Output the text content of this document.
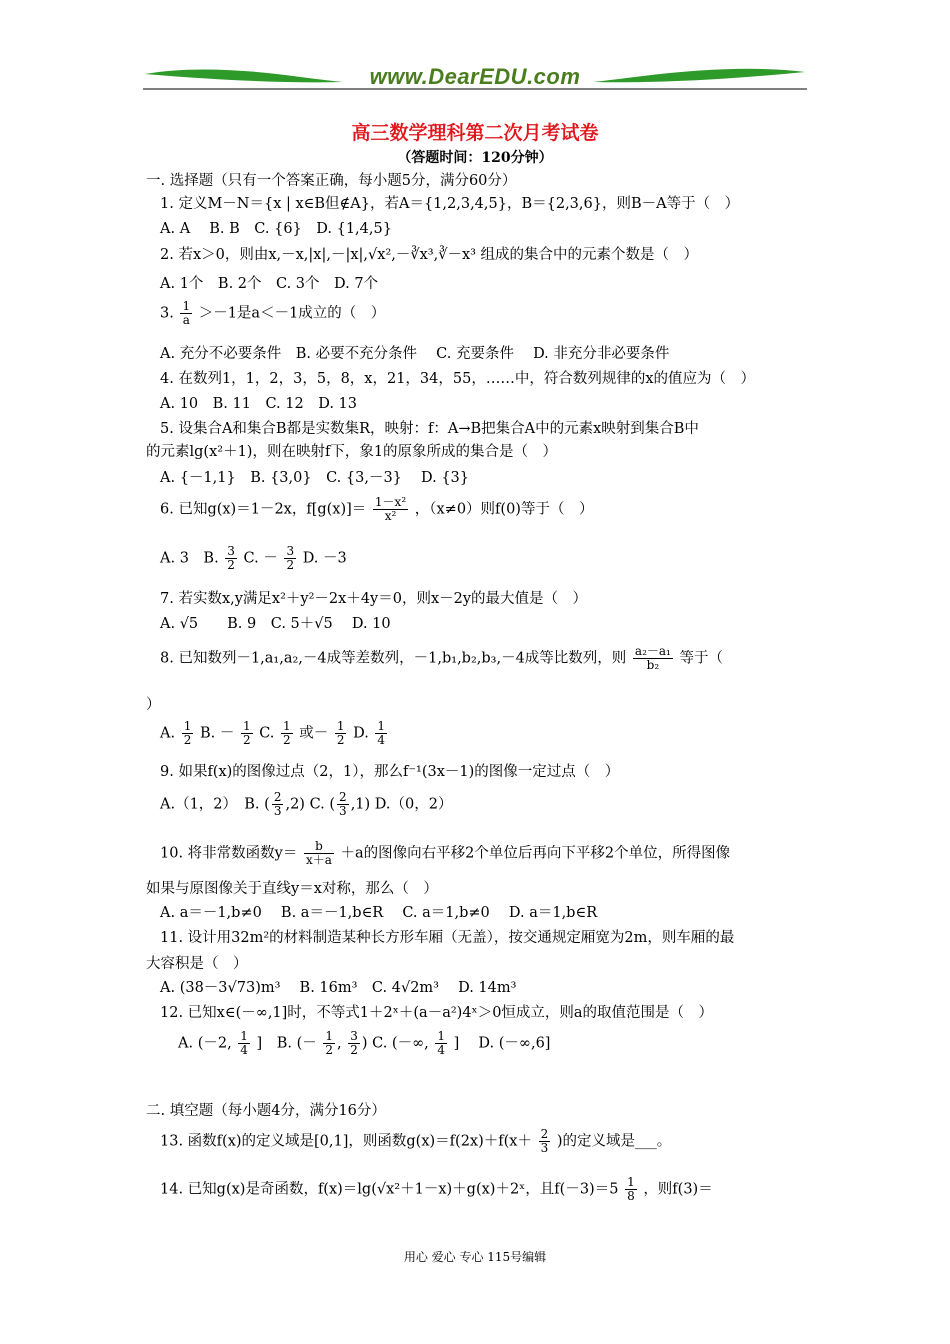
www.DearEDU.com
高三数学理科第二次月考试卷
（答题时间：120分钟）
一. 选择题（只有一个答案正确，每小题5分，满分60分）
1. 定义M－N＝{x | x∈B但∉A}，若A＝{1,2,3,4,5}，B＝{2,3,6}，则B－A等于（　）
A. A　 B. B　C. {6}　D. {1,4,5}
2. 若x＞0，则由x,－x,|x|,－|x|,√x²,－∛x³,∛－x³ 组成的集合中的元素个数是（　）
A. 1个　B. 2个　C. 3个　D. 7个
3. $\frac{1}{a} >-1$是a＜－1成立的（　）
A. 充分不必要条件　B. 必要不充分条件　 C. 充要条件　 D. 非充分非必要条件
4. 在数列1，1，2，3，5，8，x，21，34，55，……中，符合数列规律的x的值应为（　）
A. 10　B. 11　C. 12　D. 13
5. 设集合A和集合B都是实数集R，映射：f：A→B把集合A中的元素x映射到集合B中
的元素lg(x²＋1)，则在映射f下，象1的原象所成的集合是（　）
A. {－1,1}　B. {3,0}　C. {3,－3}　 D. {3}
6. 已知g(x)＝1－2x，$f[g(x)]= \frac{\text{1－x²}}{\text{x²}}$ ，（x≠0）则f(0)等于（　）
A. 3　B. $\frac{3}{2} C$. － $\frac{3}{2} D$. －3
7. 若实数x,y满足x²＋y²－2x＋4y＝0，则x－2y的最大值是（　）
A. √5　　B. 9　C. 5＋√5　 D. 10
8. 已知数列－1,a₁,a₂,－4成等差数列，－1,b₁,b₂,b₃,－4成等比数列，则 $\frac{\text{a₂－a₁}}{\text{b₂}}$ 等于（
）
A. $\frac{1}{2} B$. － $\frac{1}{2} C$. $\frac{1}{2}$ 或－ $\frac{1}{2} D$. $\frac{1}{4}$
9. 如果f(x)的图像过点（2，1），那么f⁻¹(3x－1)的图像一定过点（　）
A.（1，2）　B. ( $\frac{2}{3} ,2$) C. ( $\frac{2}{3} ,1$) D.（0，2）
10. 将非常数函数$y= \frac{b}{x+a} +a$的图像向右平移2个单位后再向下平移2个单位，所得图像
如果与原图像关于直线y＝x对称，那么（　）
A. a＝－1,b≠0　 B. a＝－1,b∈R　 C. a＝1,b≠0　 D. a＝1,b∈R
11. 设计用32m²的材料制造某种长方形车厢（无盖），按交通规定厢宽为2m，则车厢的最
大容积是（　）
A. (38－3√73)m³　 B. 16m³　C. 4√2m³　 D. 14m³
12. 已知x∈(－∞,1]时，不等式1＋2ˣ＋(a－a²)4ˣ＞0恒成立，则a的取值范围是（　）
A. (－2, $\frac{1}{4}$ ]　B. (－ $\frac{1}{2}$ , $\frac{3}{2}$ ) C. (－∞, $\frac{1}{4}$ ]　 D. (－∞,6]
二. 填空题（每小题4分，满分16分）
13. 函数f(x)的定义域是[0,1]，则函数$g(x)=f(2x)+f(x+ \frac{2}{3}$ )的定义域是___。
14. 已知g(x)是奇函数，f(x)＝lg(√x²＋1－x)＋g(x)＋2ˣ，且$f(-3)=5 \frac{1}{8}$ ，则f(3)＝
用心 爱心 专心 115号编辑
